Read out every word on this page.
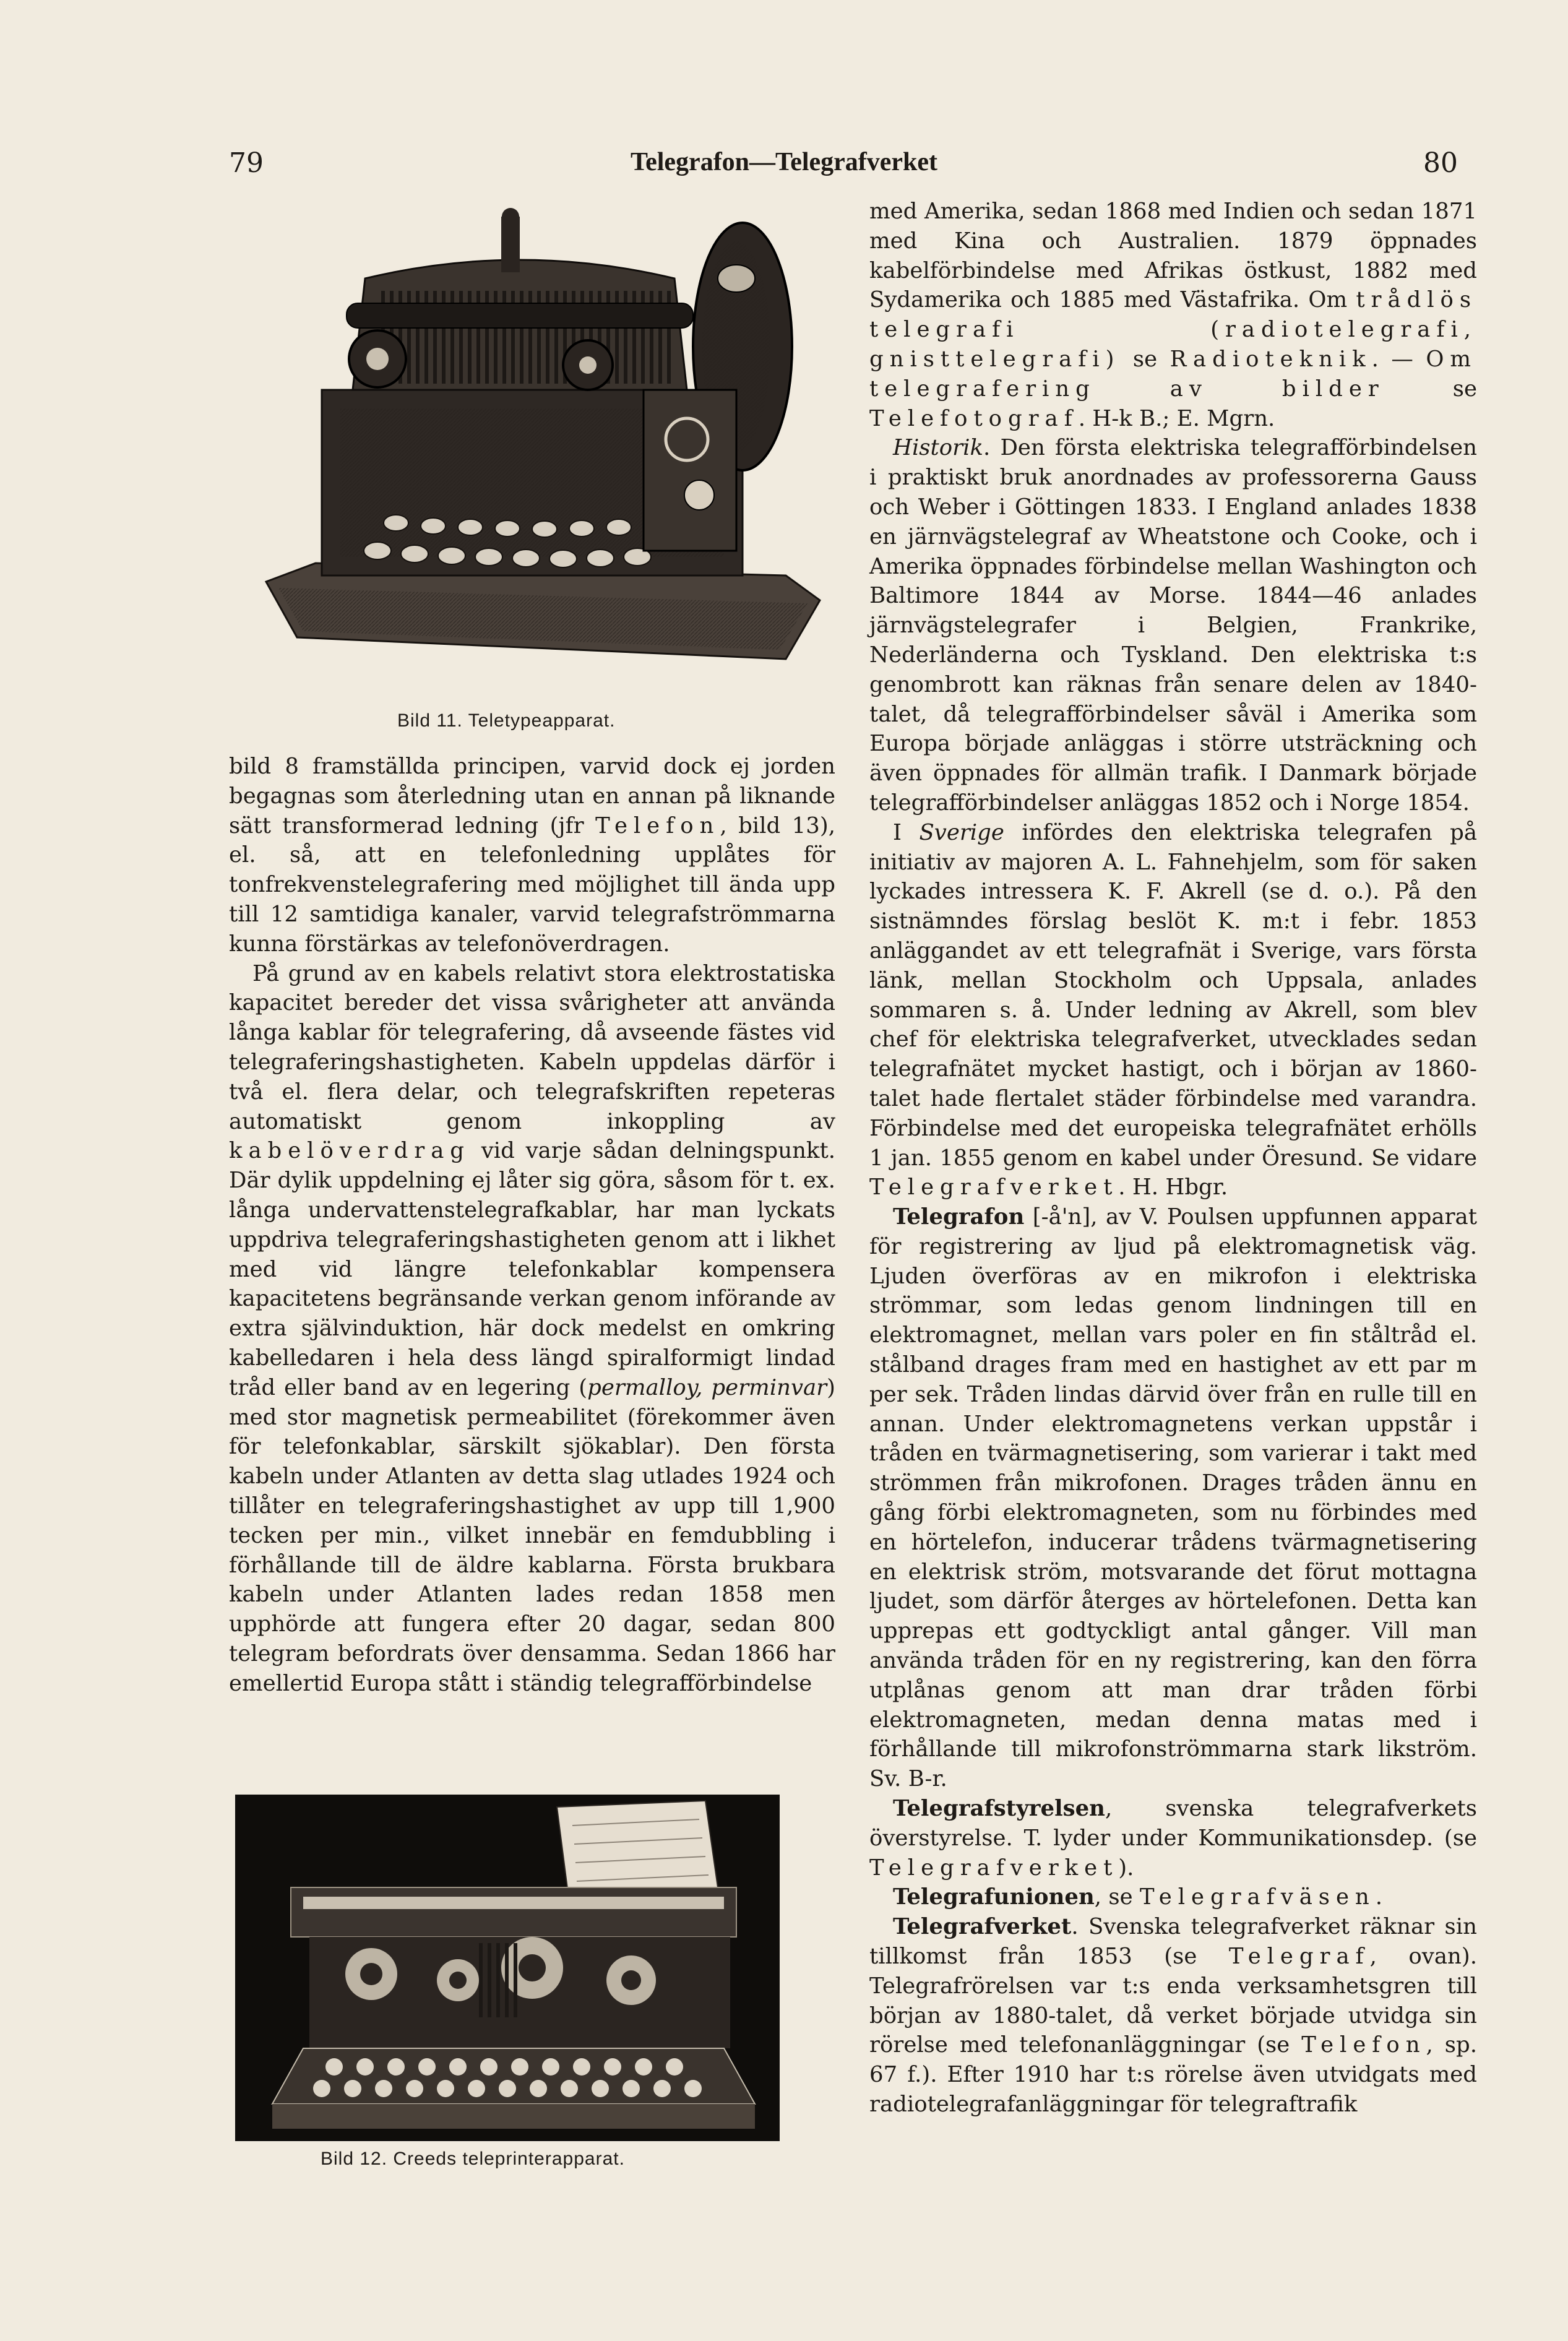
79	Telegrafon—Telegrafverket	80
Bild 11. Teletypeapparat.

bild 8 framställda principen, varvid dock ej jorden begagnas som återledning utan en annan på liknande sätt transformerad ledning (jfr Telefon, bild 13), el. så, att en telefonledning upplåtes för tonfrekvenstelegrafering med möjlighet till ända upp till 12 samtidiga kanaler, varvid telegrafströmmarna kunna förstärkas av telefonöverdragen.

På grund av en kabels relativt stora elektrostatiska kapacitet bereder det vissa svårigheter att använda långa kablar för telegrafering, då avseende fästes vid telegraferingshastigheten. Kabeln uppdelas därför i två el. flera delar, och telegrafskriften repeteras automatiskt genom inkoppling av kabelöverdrag vid varje sådan delningspunkt. Där dylik uppdelning ej låter sig göra, såsom för t. ex. långa undervattenstelegrafkablar, har man lyckats uppdriva telegraferingshastigheten genom att i likhet med vid längre telefonkablar kompensera kapacitetens begränsande verkan genom införande av extra självinduktion, här dock medelst en omkring kabelledaren i hela dess längd spiralformigt lindad tråd eller band av en legering (permalloy, perminvar) med stor magnetisk permeabilitet (förekommer även för telefonkablar, särskilt sjökablar). Den första kabeln under Atlanten av detta slag utlades 1924 och tillåter en telegraferingshastighet av upp till 1,900 tecken per min., vilket innebär en femdubbling i förhållande till de äldre kablarna. Första brukbara kabeln under Atlanten lades redan 1858 men upphörde att fungera efter 20 dagar, sedan 800 telegram befordrats över densamma. Sedan 1866 har emellertid Europa stått i ständig telegrafförbindelse

Bild 12. Creeds teleprinterapparat.

med Amerika, sedan 1868 med Indien och sedan 1871 med Kina och Australien. 1879 öppnades kabelförbindelse med Afrikas östkust, 1882 med Sydamerika och 1885 med Västafrika. Om trådlös telegrafi (radiotelegrafi, gnisttelegrafi) se Radioteknik. — Om telegrafering av bilder se Telefotograf. H-k B.; E. Mgrn.

Historik. Den första elektriska telegrafförbindelsen i praktiskt bruk anordnades av professorerna Gauss och Weber i Göttingen 1833. I England anlades 1838 en järnvägstelegraf av Wheatstone och Cooke, och i Amerika öppnades förbindelse mellan Washington och Baltimore 1844 av Morse. 1844—46 anlades järnvägstelegrafer i Belgien, Frankrike, Nederländerna och Tyskland. Den elektriska t:s genombrott kan räknas från senare delen av 1840-talet, då telegrafförbindelser såväl i Amerika som Europa började anläggas i större utsträckning och även öppnades för allmän trafik. I Danmark började telegrafförbindelser anläggas 1852 och i Norge 1854.

I Sverige infördes den elektriska telegrafen på initiativ av majoren A. L. Fahnehjelm, som för saken lyckades intressera K. F. Akrell (se d. o.). På den sistnämndes förslag beslöt K. m:t i febr. 1853 anläggandet av ett telegrafnät i Sverige, vars första länk, mellan Stockholm och Uppsala, anlades sommaren s. å. Under ledning av Akrell, som blev chef för elektriska telegrafverket, utvecklades sedan telegrafnätet mycket hastigt, och i början av 1860-talet hade flertalet städer förbindelse med varandra. Förbindelse med det europeiska telegrafnätet erhölls 1 jan. 1855 genom en kabel under Öresund. Se vidare Telegrafverket. H. Hbgr.

Telegrafon [-å'n], av V. Poulsen uppfunnen apparat för registrering av ljud på elektromagnetisk väg. Ljuden överföras av en mikrofon i elektriska strömmar, som ledas genom lindningen till en elektromagnet, mellan vars poler en fin ståltråd el. stålband drages fram med en hastighet av ett par m per sek. Tråden lindas därvid över från en rulle till en annan. Under elektromagnetens verkan uppstår i tråden en tvärmagnetisering, som varierar i takt med strömmen från mikrofonen. Drages tråden ännu en gång förbi elektromagneten, som nu förbindes med en hörtelefon, inducerar trådens tvärmagnetisering en elektrisk ström, motsvarande det förut mottagna ljudet, som därför återges av hörtelefonen. Detta kan upprepas ett godtyckligt antal gånger. Vill man använda tråden för en ny registrering, kan den förra utplånas genom att man drar tråden förbi elektromagneten, medan denna matas med i förhållande till mikrofonströmmarna stark likström. Sv. B-r.

Telegrafstyrelsen, svenska telegrafverkets överstyrelse. T. lyder under Kommunikationsdep. (se Telegrafverket).

Telegrafunionen, se Telegrafväsen.

Telegrafverket. Svenska telegrafverket räknar sin tillkomst från 1853 (se Telegraf, ovan). Telegrafrörelsen var t:s enda verksamhetsgren till början av 1880-talet, då verket började utvidga sin rörelse med telefonanläggningar (se Telefon, sp. 67 f.). Efter 1910 har t:s rörelse även utvidgats med radiotelegrafanläggningar för telegraftrafik
